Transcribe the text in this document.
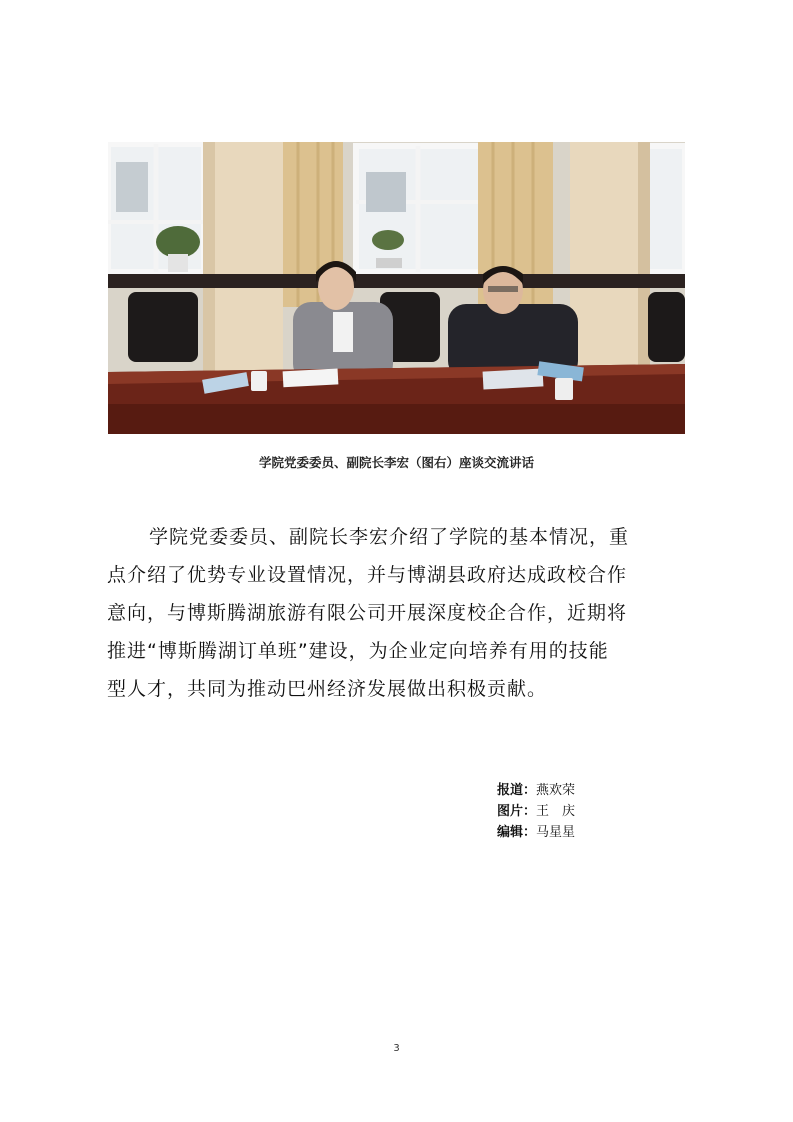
学院党委委员、副院长李宏（图右）座谈交流讲话
学院党委委员、副院长李宏介绍了学院的基本情况，重
点介绍了优势专业设置情况，并与博湖县政府达成政校合作
意向，与博斯腾湖旅游有限公司开展深度校企合作，近期将
推进“博斯腾湖订单班”建设，为企业定向培养有用的技能
型人才，共同为推动巴州经济发展做出积极贡献。
报道：燕欢荣
图片：王　庆
编辑：马星星
3
